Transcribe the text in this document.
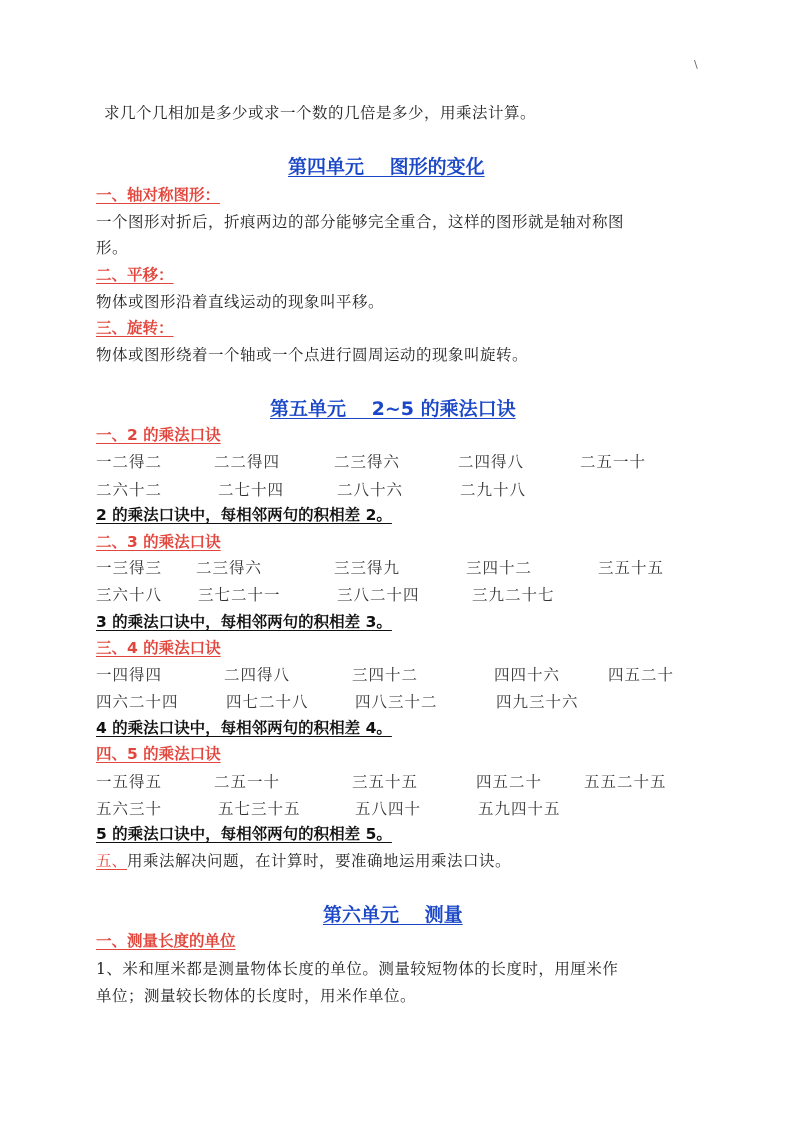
\
求几个几相加是多少或求一个数的几倍是多少，用乘法计算。
第四单元　 图形的变化
一、轴对称图形：
一个图形对折后，折痕两边的部分能够完全重合，这样的图形就是轴对称图
形。
二、平移：
物体或图形沿着直线运动的现象叫平移。
三、旋转：
物体或图形绕着一个轴或一个点进行圆周运动的现象叫旋转。
第五单元　 2~5 的乘法口诀
一、2 的乘法口诀
一二得二	二二得四	二三得六	二四得八	二五一十
二六十二	二七十四	二八十六	二九十八
2 的乘法口诀中，每相邻两句的积相差 2。
二、3 的乘法口诀
一三得三 二三得六	三三得九	三四十二	三五十五
三六十八 三七二十一	三八二十四	三九二十七
3 的乘法口诀中，每相邻两句的积相差 3。
三、4 的乘法口诀
一四得四	二四得八	三四十二	四四十六	四五二十
四六二十四	四七二十八	四八三十二	四九三十六
4 的乘法口诀中，每相邻两句的积相差 4。
四、5 的乘法口诀
一五得五	二五一十	三五十五	四五二十	五五二十五
五六三十	五七三十五	五八四十	五九四十五
5 的乘法口诀中，每相邻两句的积相差 5。
五、用乘法解决问题，在计算时，要准确地运用乘法口诀。
第六单元　 测量
一、测量长度的单位
1、米和厘米都是测量物体长度的单位。测量较短物体的长度时，用厘米作
单位；测量较长物体的长度时，用米作单位。
